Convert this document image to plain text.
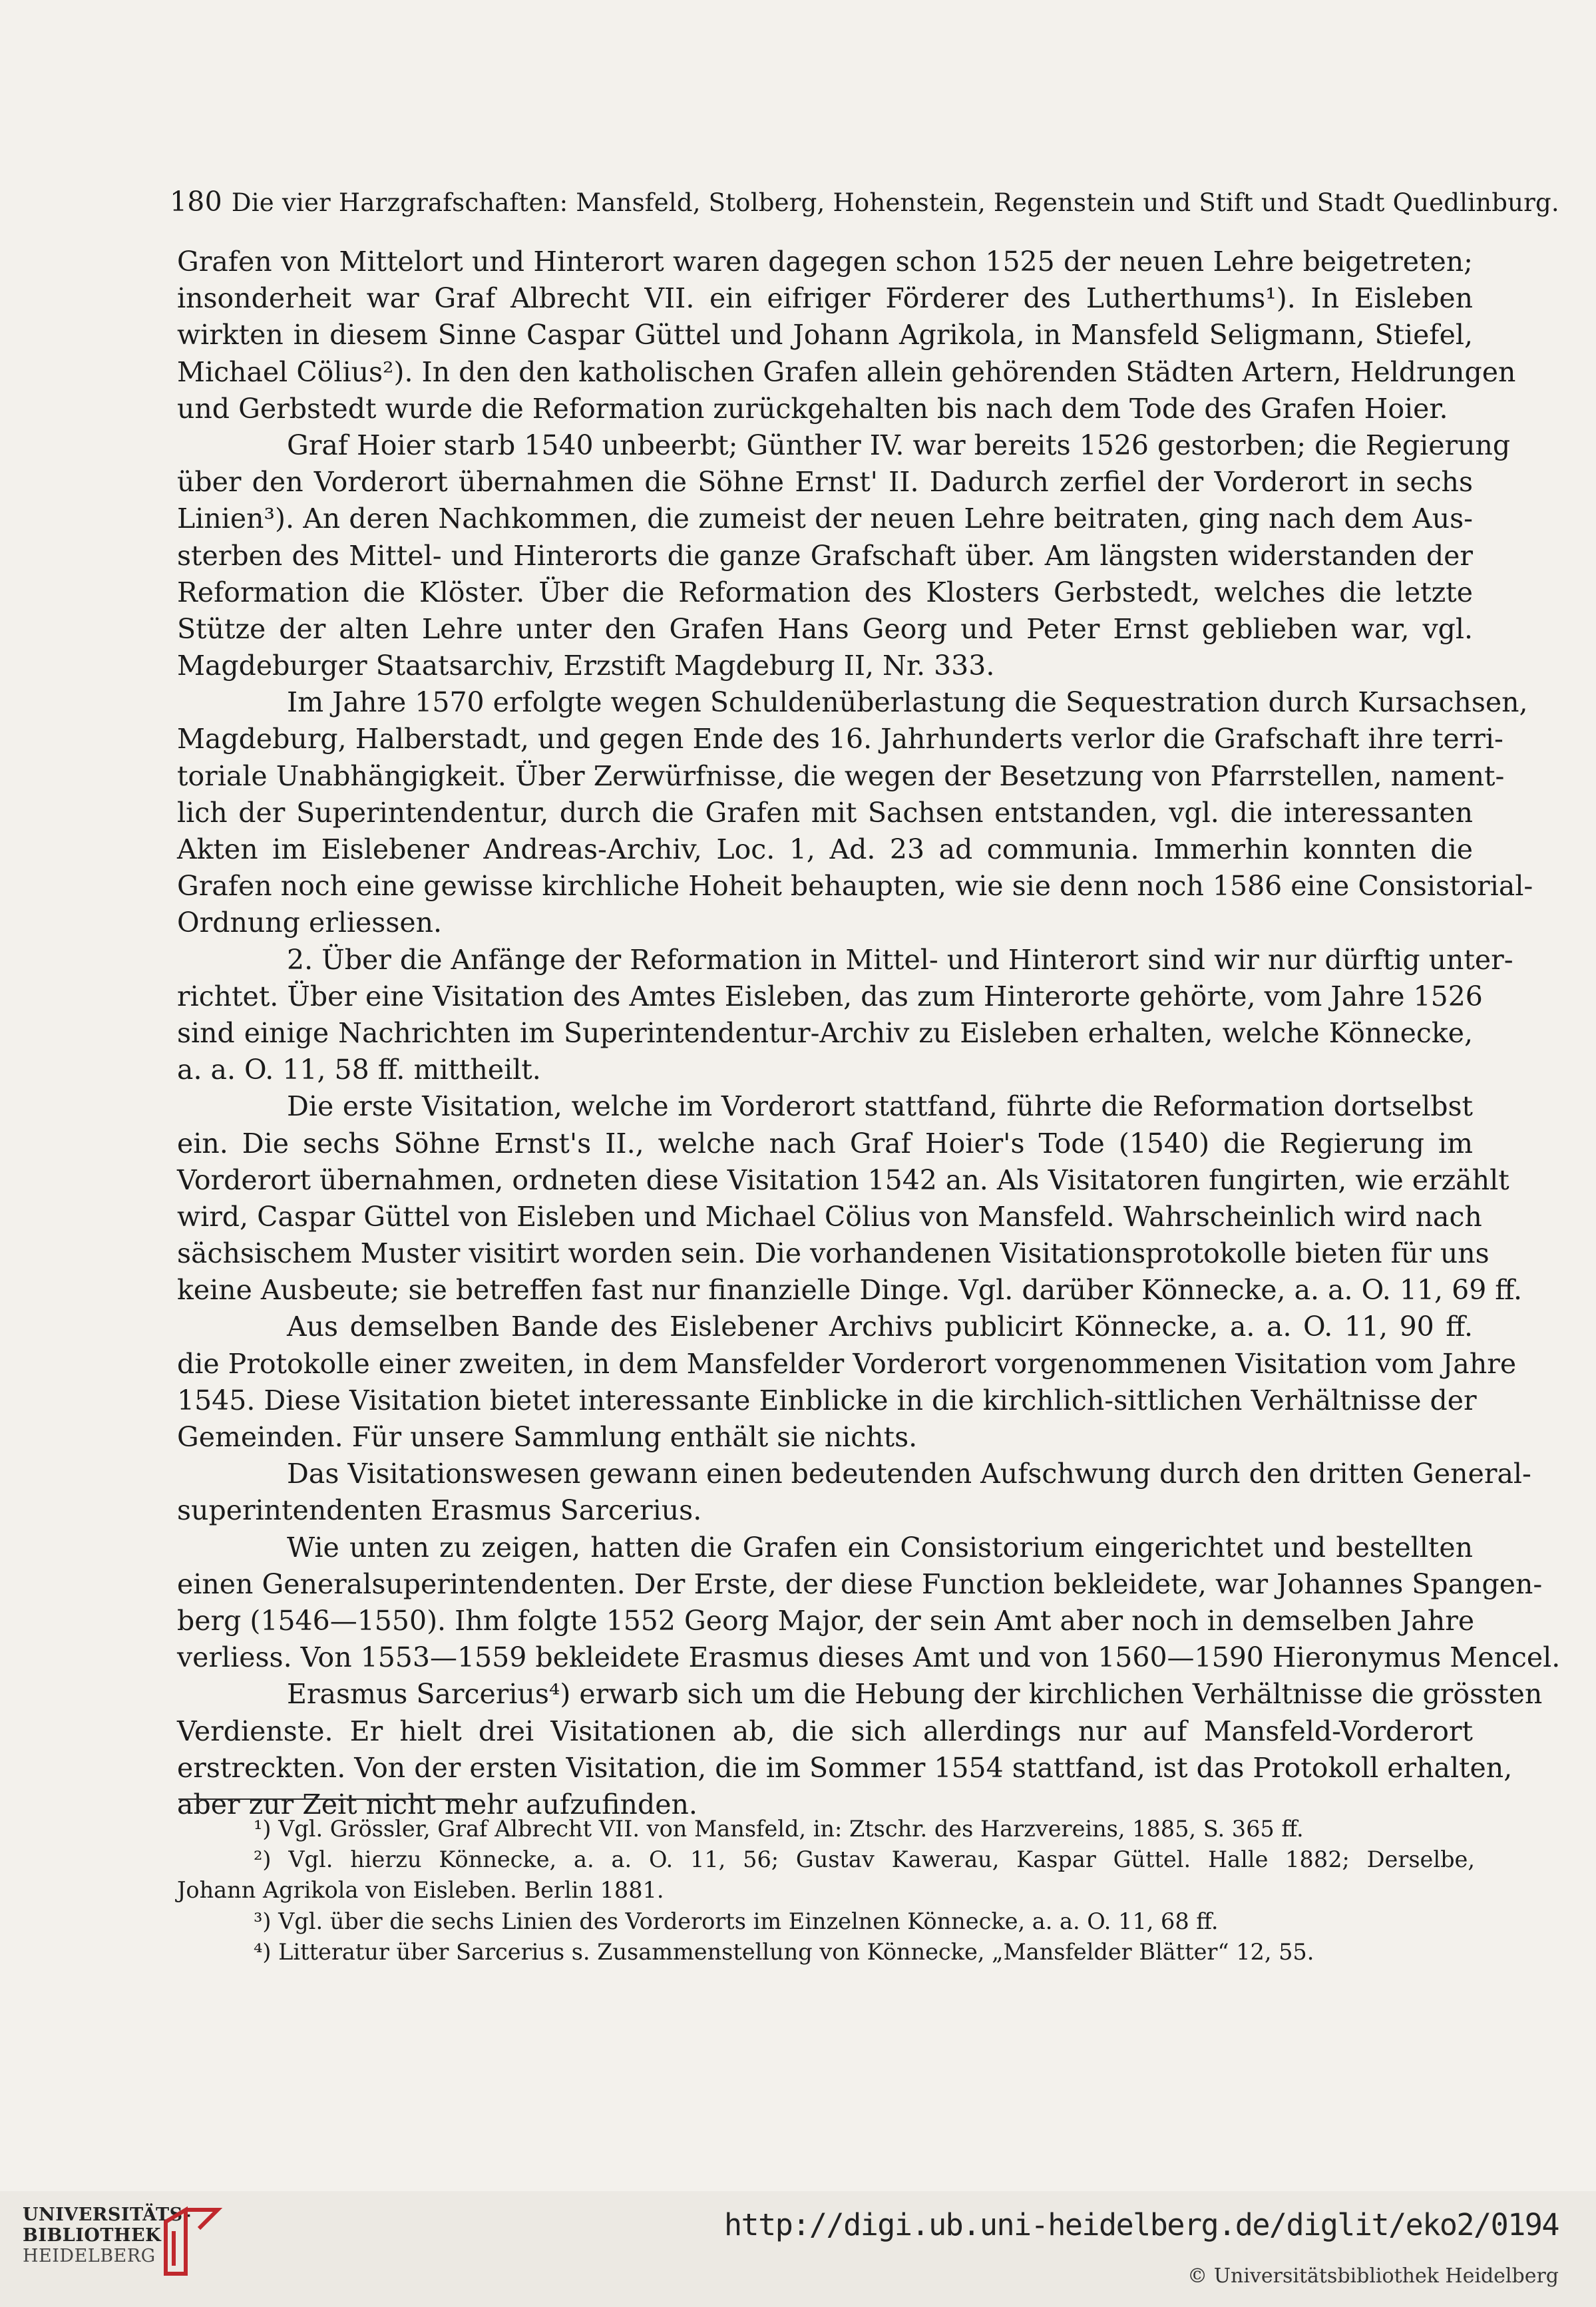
180 Die vier Harzgrafschaften: Mansfeld, Stolberg, Hohenstein, Regenstein und Stift und Stadt Quedlinburg.
Grafen von Mittelort und Hinterort waren dagegen schon 1525 der neuen Lehre beigetreten;
insonderheit war Graf Albrecht VII. ein eifriger Förderer des Lutherthums¹). In Eisleben
wirkten in diesem Sinne Caspar Güttel und Johann Agrikola, in Mansfeld Seligmann, Stiefel,
Michael Cölius²). In den den katholischen Grafen allein gehörenden Städten Artern, Heldrungen
und Gerbstedt wurde die Reformation zurückgehalten bis nach dem Tode des Grafen Hoier.
Graf Hoier starb 1540 unbeerbt; Günther IV. war bereits 1526 gestorben; die Regierung
über den Vorderort übernahmen die Söhne Ernst' II. Dadurch zerfiel der Vorderort in sechs
Linien³). An deren Nachkommen, die zumeist der neuen Lehre beitraten, ging nach dem Aus-
sterben des Mittel- und Hinterorts die ganze Grafschaft über. Am längsten widerstanden der
Reformation die Klöster. Über die Reformation des Klosters Gerbstedt, welches die letzte
Stütze der alten Lehre unter den Grafen Hans Georg und Peter Ernst geblieben war, vgl.
Magdeburger Staatsarchiv, Erzstift Magdeburg II, Nr. 333.
Im Jahre 1570 erfolgte wegen Schuldenüberlastung die Sequestration durch Kursachsen,
Magdeburg, Halberstadt, und gegen Ende des 16. Jahrhunderts verlor die Grafschaft ihre terri-
toriale Unabhängigkeit. Über Zerwürfnisse, die wegen der Besetzung von Pfarrstellen, nament-
lich der Superintendentur, durch die Grafen mit Sachsen entstanden, vgl. die interessanten
Akten im Eislebener Andreas-Archiv, Loc. 1, Ad. 23 ad communia. Immerhin konnten die
Grafen noch eine gewisse kirchliche Hoheit behaupten, wie sie denn noch 1586 eine Consistorial-
Ordnung erliessen.
2. Über die Anfänge der Reformation in Mittel- und Hinterort sind wir nur dürftig unter-
richtet. Über eine Visitation des Amtes Eisleben, das zum Hinterorte gehörte, vom Jahre 1526
sind einige Nachrichten im Superintendentur-Archiv zu Eisleben erhalten, welche Könnecke,
a. a. O. 11, 58 ff. mittheilt.
Die erste Visitation, welche im Vorderort stattfand, führte die Reformation dortselbst
ein. Die sechs Söhne Ernst's II., welche nach Graf Hoier's Tode (1540) die Regierung im
Vorderort übernahmen, ordneten diese Visitation 1542 an. Als Visitatoren fungirten, wie erzählt
wird, Caspar Güttel von Eisleben und Michael Cölius von Mansfeld. Wahrscheinlich wird nach
sächsischem Muster visitirt worden sein. Die vorhandenen Visitationsprotokolle bieten für uns
keine Ausbeute; sie betreffen fast nur finanzielle Dinge. Vgl. darüber Könnecke, a. a. O. 11, 69 ff.
Aus demselben Bande des Eislebener Archivs publicirt Könnecke, a. a. O. 11, 90 ff.
die Protokolle einer zweiten, in dem Mansfelder Vorderort vorgenommenen Visitation vom Jahre
1545. Diese Visitation bietet interessante Einblicke in die kirchlich-sittlichen Verhältnisse der
Gemeinden. Für unsere Sammlung enthält sie nichts.
Das Visitationswesen gewann einen bedeutenden Aufschwung durch den dritten General-
superintendenten Erasmus Sarcerius.
Wie unten zu zeigen, hatten die Grafen ein Consistorium eingerichtet und bestellten
einen Generalsuperintendenten. Der Erste, der diese Function bekleidete, war Johannes Spangen-
berg (1546—1550). Ihm folgte 1552 Georg Major, der sein Amt aber noch in demselben Jahre
verliess. Von 1553—1559 bekleidete Erasmus dieses Amt und von 1560—1590 Hieronymus Mencel.
Erasmus Sarcerius⁴) erwarb sich um die Hebung der kirchlichen Verhältnisse die grössten
Verdienste. Er hielt drei Visitationen ab, die sich allerdings nur auf Mansfeld-Vorderort
erstreckten. Von der ersten Visitation, die im Sommer 1554 stattfand, ist das Protokoll erhalten,
aber zur Zeit nicht mehr aufzufinden.
¹) Vgl. Grössler, Graf Albrecht VII. von Mansfeld, in: Ztschr. des Harzvereins, 1885, S. 365 ff.
²) Vgl. hierzu Könnecke, a. a. O. 11, 56; Gustav Kawerau, Kaspar Güttel. Halle 1882; Derselbe,
Johann Agrikola von Eisleben. Berlin 1881.
³) Vgl. über die sechs Linien des Vorderorts im Einzelnen Könnecke, a. a. O. 11, 68 ff.
⁴) Litteratur über Sarcerius s. Zusammenstellung von Könnecke, „Mansfelder Blätter“ 12, 55.
UNIVERSITÄTS-
BIBLIOTHEK
HEIDELBERG
http://digi.ub.uni-heidelberg.de/diglit/eko2/0194
© Universitätsbibliothek Heidelberg
